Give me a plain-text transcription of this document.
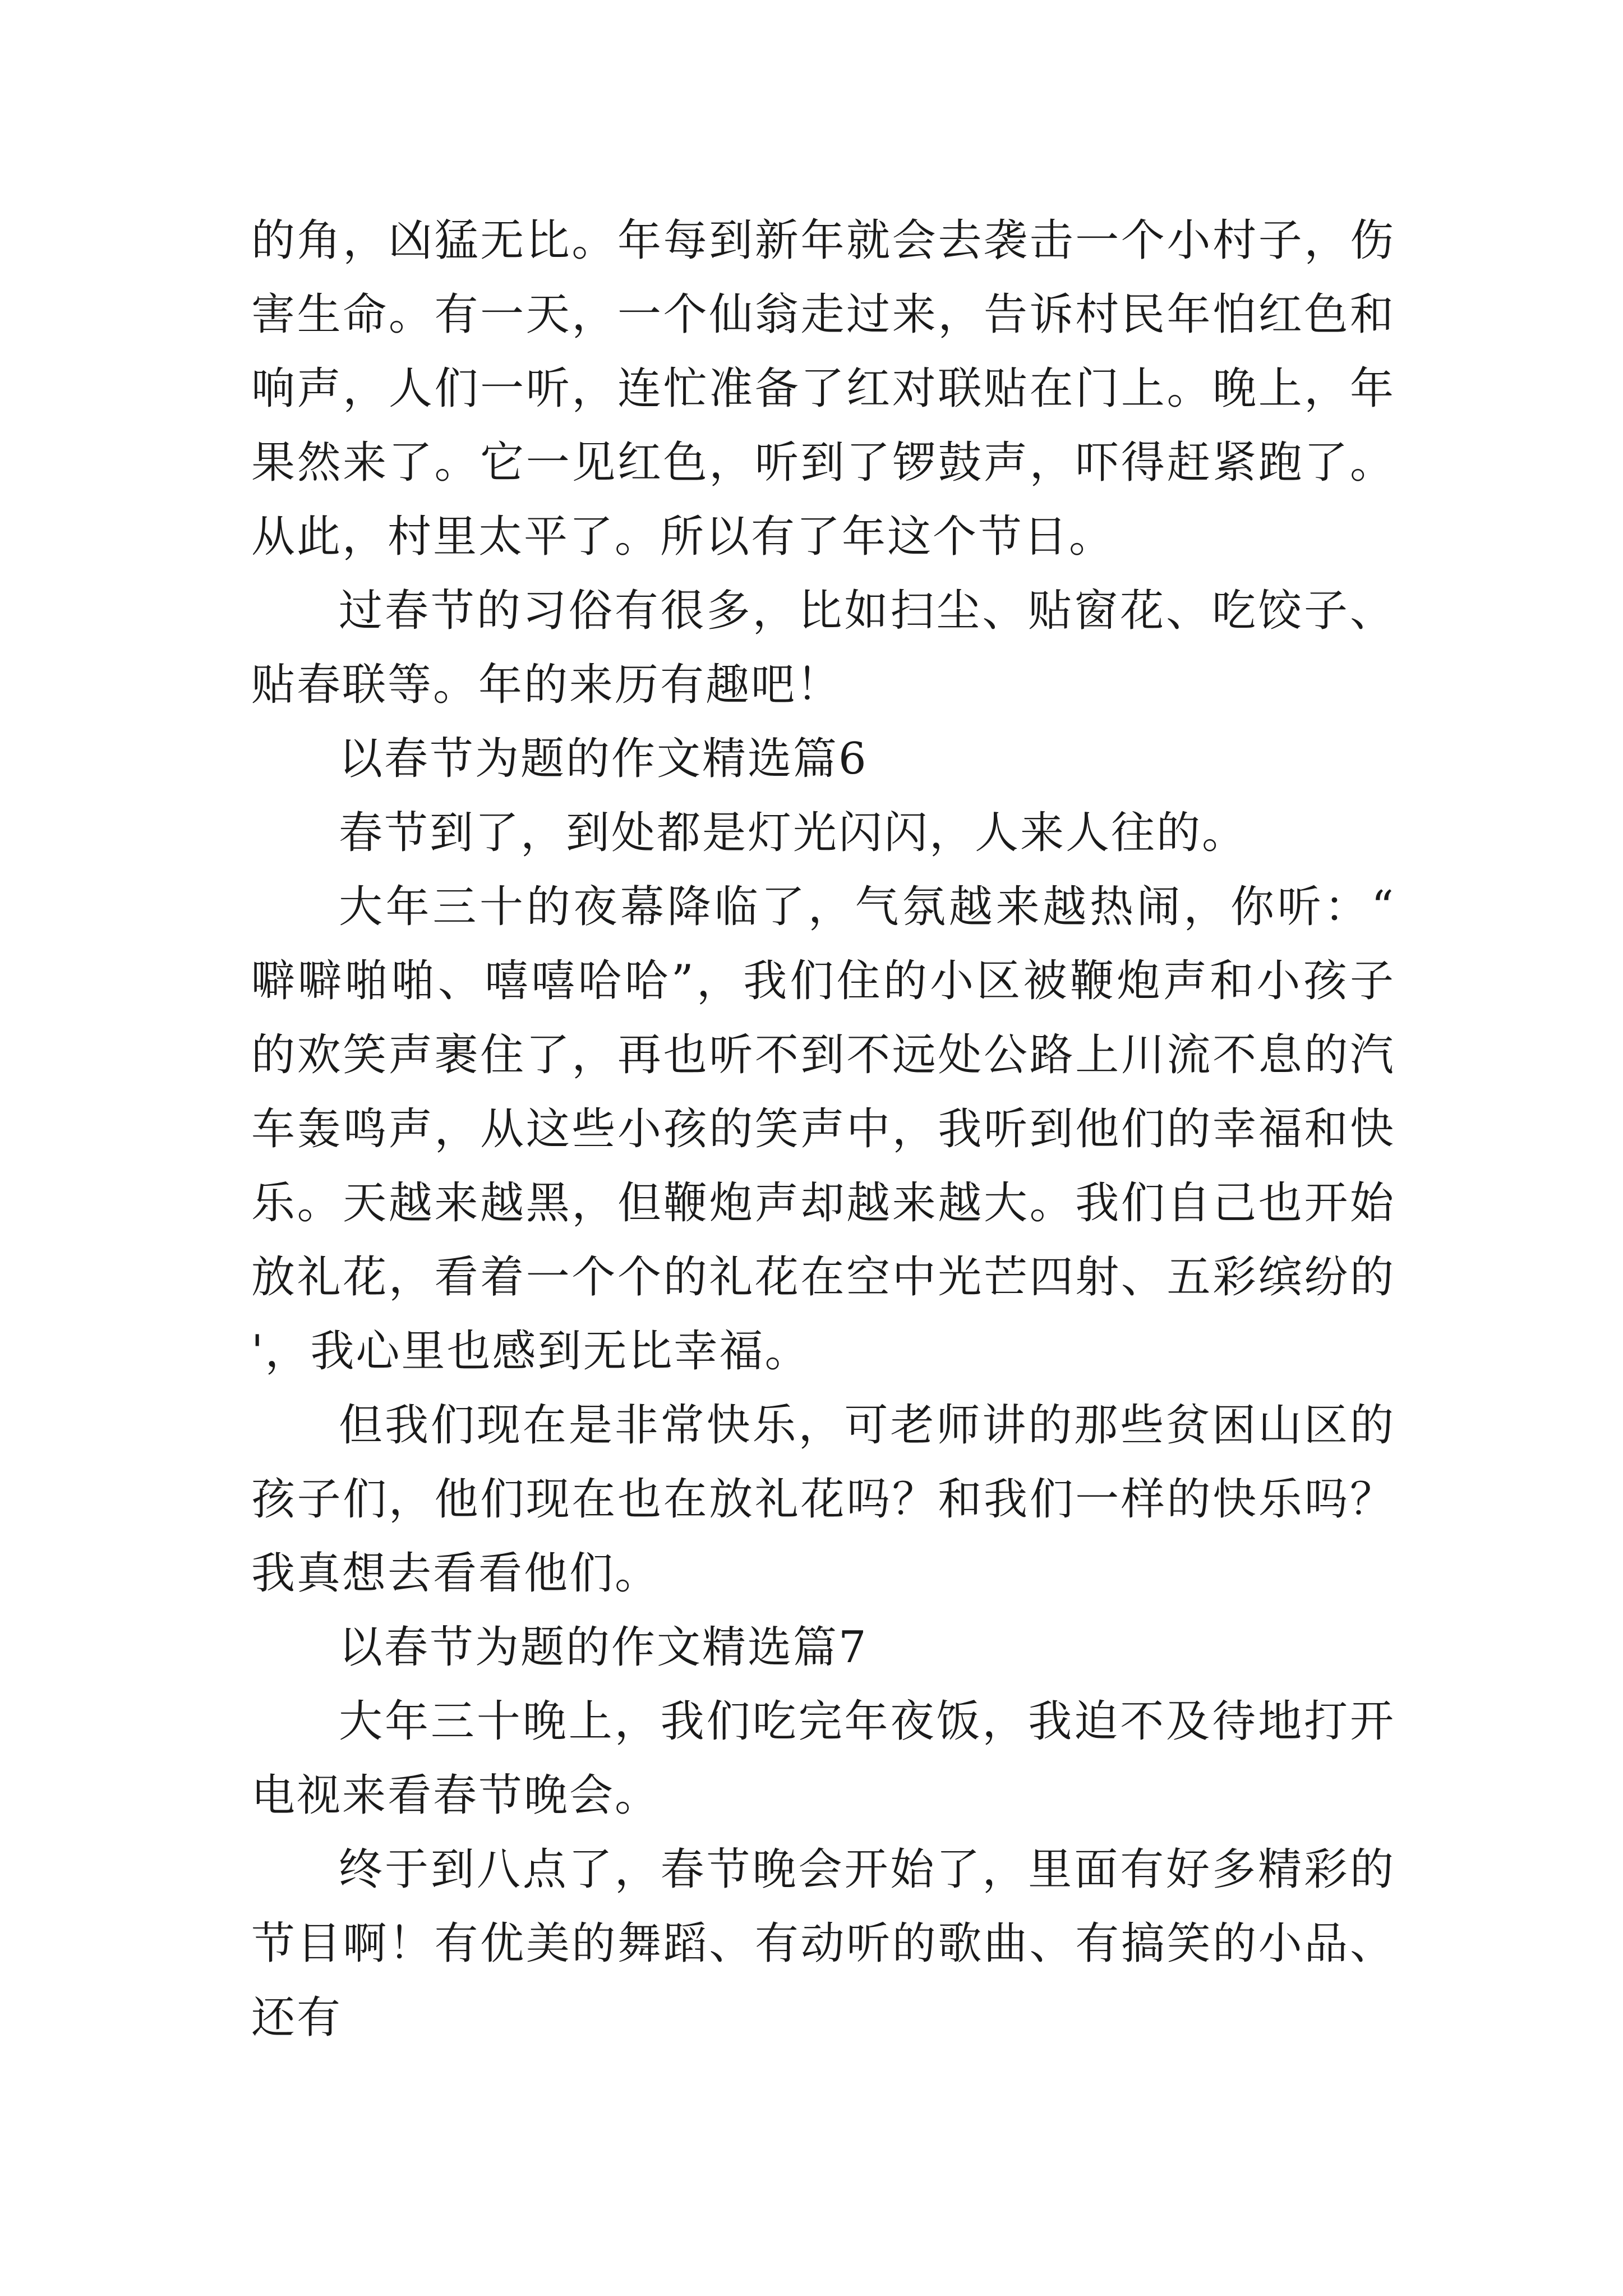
的角，凶猛无比。年每到新年就会去袭击一个小村子，伤害生命。有一天，一个仙翁走过来，告诉村民年怕红色和响声，人们一听，连忙准备了红对联贴在门上。晚上，年果然来了。它一见红色，听到了锣鼓声，吓得赶紧跑了。从此，村里太平了。所以有了年这个节日。

过春节的习俗有很多，比如扫尘、贴窗花、吃饺子、贴春联等。年的来历有趣吧！

以春节为题的作文精选篇6

春节到了，到处都是灯光闪闪，人来人往的。

大年三十的夜幕降临了，气氛越来越热闹，你听：“噼噼啪啪、嘻嘻哈哈”，我们住的小区被鞭炮声和小孩子的欢笑声裹住了，再也听不到不远处公路上川流不息的汽车轰鸣声，从这些小孩的笑声中，我听到他们的幸福和快乐。天越来越黑，但鞭炮声却越来越大。我们自己也开始放礼花，看着一个个的礼花在空中光芒四射、五彩缤纷的'，我心里也感到无比幸福。

但我们现在是非常快乐，可老师讲的那些贫困山区的孩子们，他们现在也在放礼花吗？和我们一样的快乐吗？我真想去看看他们。

以春节为题的作文精选篇7

大年三十晚上，我们吃完年夜饭，我迫不及待地打开电视来看春节晚会。

终于到八点了，春节晚会开始了，里面有好多精彩的节目啊！有优美的舞蹈、有动听的歌曲、有搞笑的小品、还有
